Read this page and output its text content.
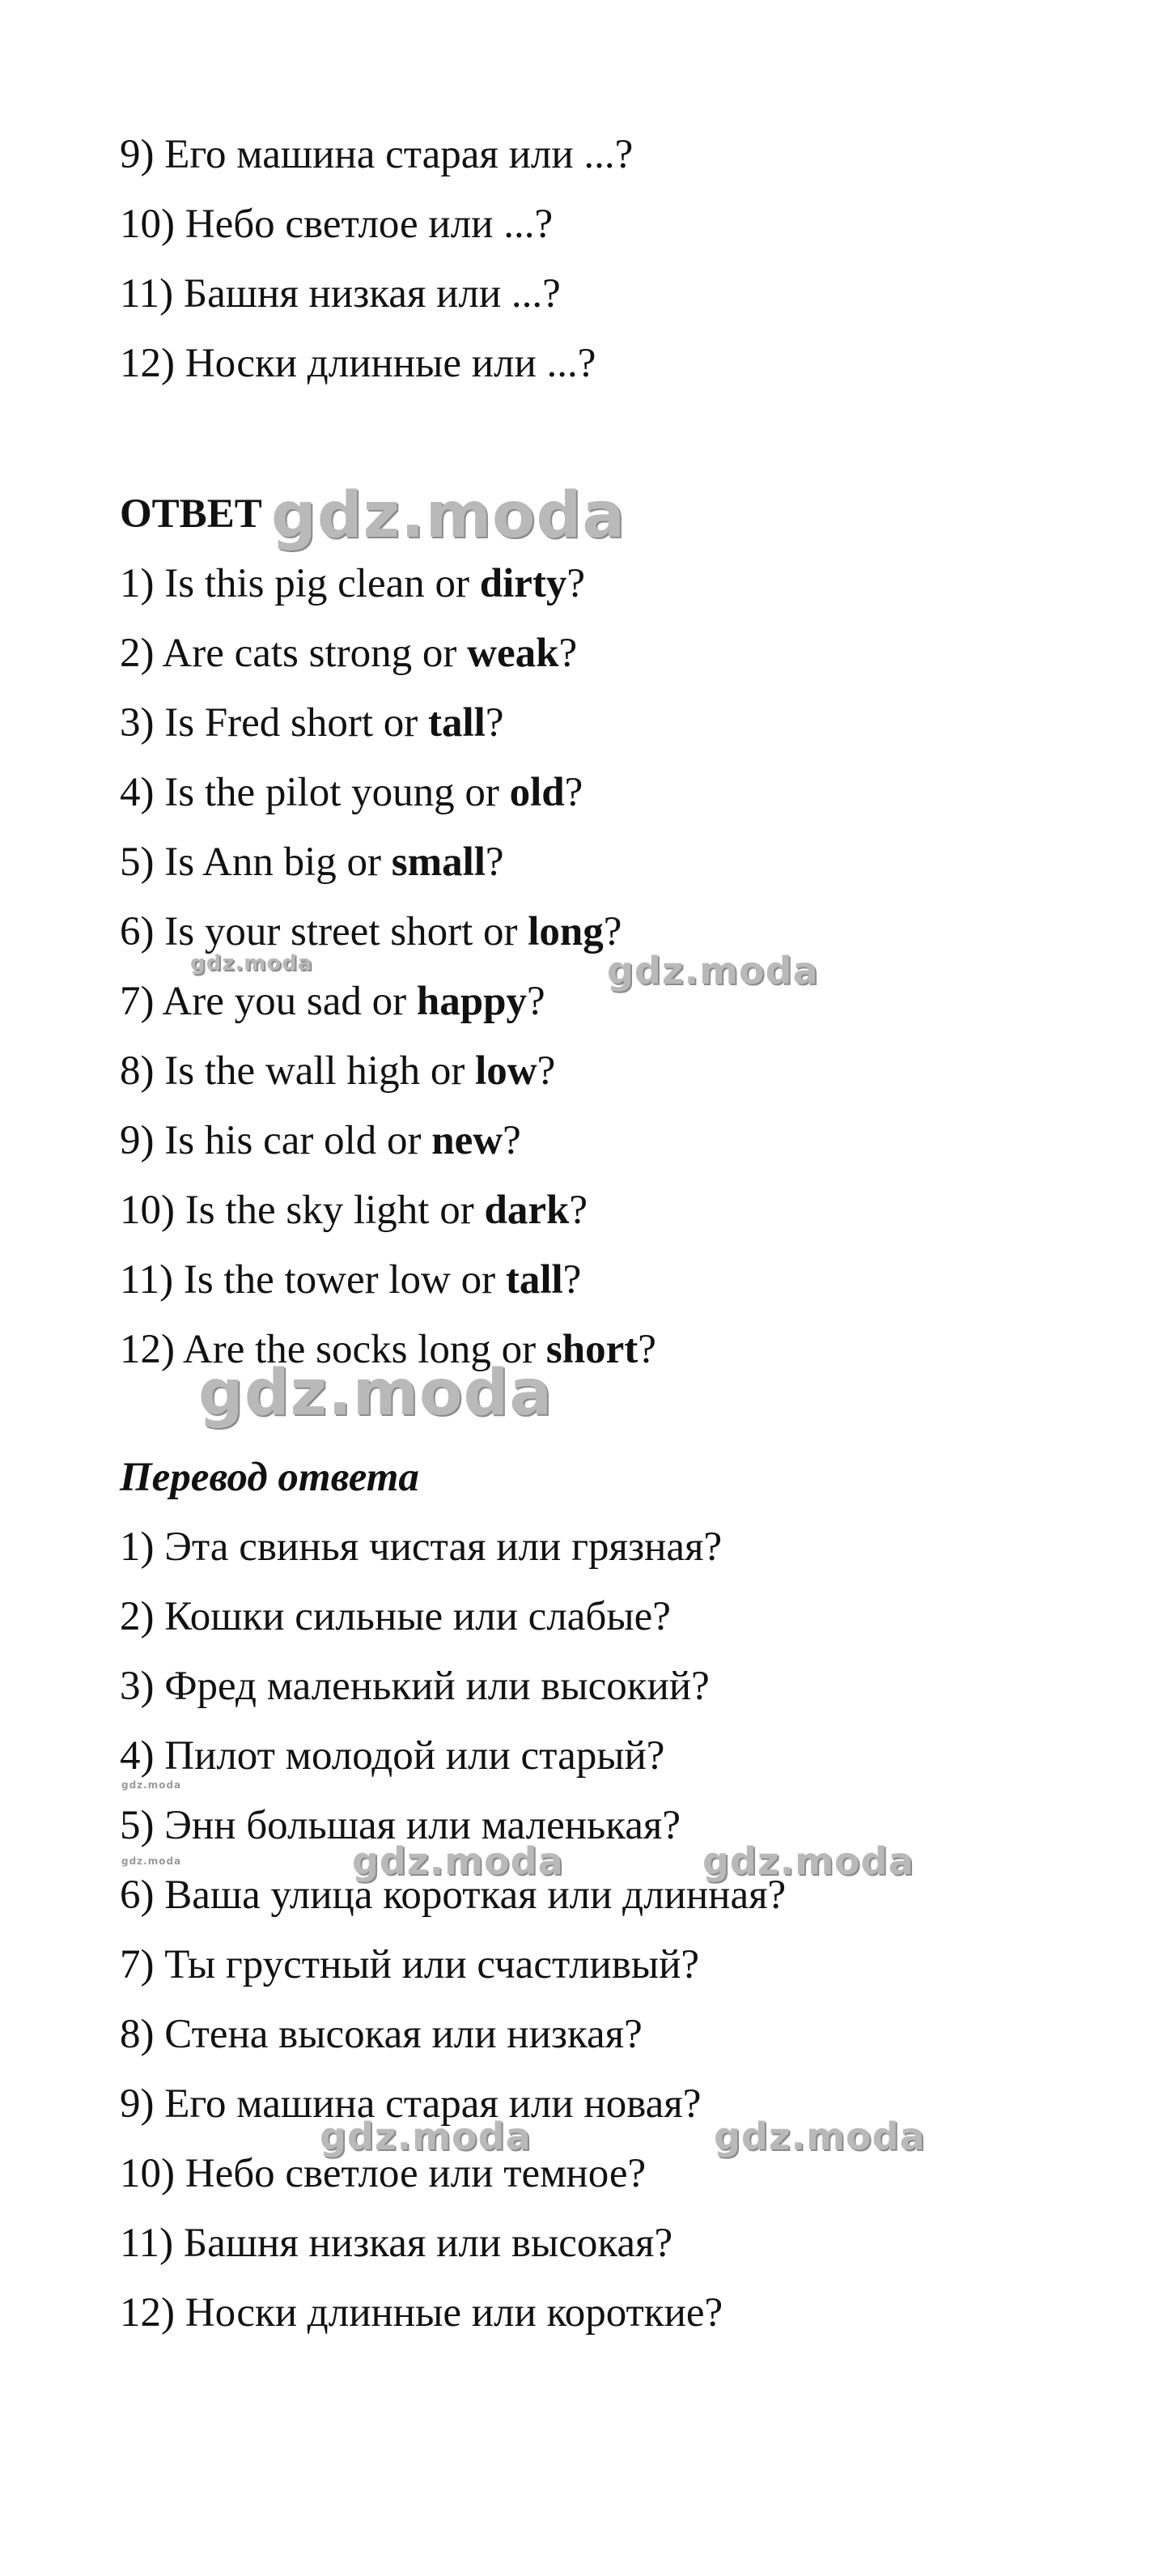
9) Его машина старая или ...?
10) Небо светлое или ...?
11) Башня низкая или ...?
12) Носки длинные или ...?
ОТВЕТ
1) Is this pig clean or dirty?
2) Are cats strong or weak?
3) Is Fred short or tall?
4) Is the pilot young or old?
5) Is Ann big or small?
6) Is your street short or long?
7) Are you sad or happy?
8) Is the wall high or low?
9) Is his car old or new?
10) Is the sky light or dark?
11) Is the tower low or tall?
12) Are the socks long or short?
Перевод ответа
1) Эта свинья чистая или грязная?
2) Кошки сильные или слабые?
3) Фред маленький или высокий?
4) Пилот молодой или старый?
5) Энн большая или маленькая?
6) Ваша улица короткая или длинная?
7) Ты грустный или счастливый?
8) Стена высокая или низкая?
9) Его машина старая или новая?
10) Небо светлое или темное?
11) Башня низкая или высокая?
12) Носки длинные или короткие?
gdz.moda
gdz.moda
gdz.moda
gdz.moda
gdz.moda
gdz.moda	gdz.moda
gdz.moda
gdz.moda	gdz.moda
